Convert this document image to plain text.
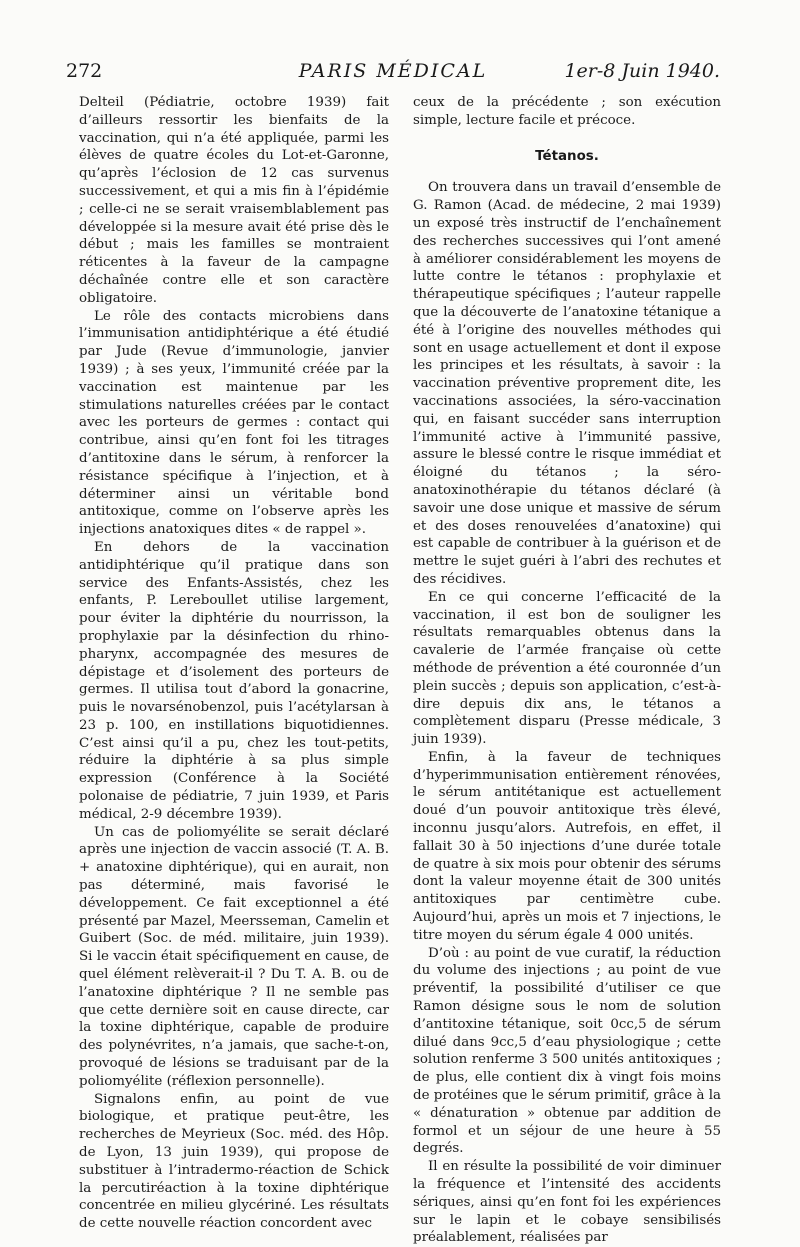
272	PARIS MÉDICAL	1er-8 Juin 1940.

Delteil (Pédiatrie, octobre 1939) fait d’ailleurs ressortir les bienfaits de la vaccination, qui n’a été appliquée, parmi les élèves de quatre écoles du Lot-et-Garonne, qu’après l’éclosion de 12 cas survenus successivement, et qui a mis fin à l’épidémie ; celle-ci ne se serait vraisemblablement pas développée si la mesure avait été prise dès le début ; mais les familles se montraient réticentes à la faveur de la campagne déchaînée contre elle et son caractère obligatoire.

Le rôle des contacts microbiens dans l’immunisation antidiphtérique a été étudié par Jude (Revue d’immunologie, janvier 1939) ; à ses yeux, l’immunité créée par la vaccination est maintenue par les stimulations naturelles créées par le contact avec les porteurs de germes : contact qui contribue, ainsi qu’en font foi les titrages d’antitoxine dans le sérum, à renforcer la résistance spécifique à l’injection, et à déterminer ainsi un véritable bond antitoxique, comme on l’observe après les injections anatoxiques dites « de rappel ».

En dehors de la vaccination antidiphtérique qu’il pratique dans son service des Enfants-Assistés, chez les enfants, P. Lereboullet utilise largement, pour éviter la diphtérie du nourrisson, la prophylaxie par la désinfection du rhino-pharynx, accompagnée des mesures de dépistage et d’isolement des porteurs de germes. Il utilisa tout d’abord la gonacrine, puis le novarsénobenzol, puis l’acétylarsan à 23 p. 100, en instillations biquotidiennes. C’est ainsi qu’il a pu, chez les tout-petits, réduire la diphtérie à sa plus simple expression (Conférence à la Société polonaise de pédiatrie, 7 juin 1939, et Paris médical, 2-9 décembre 1939).

Un cas de poliomyélite se serait déclaré après une injection de vaccin associé (T. A. B. + anatoxine diphtérique), qui en aurait, non pas déterminé, mais favorisé le développement. Ce fait exceptionnel a été présenté par Mazel, Meersseman, Camelin et Guibert (Soc. de méd. militaire, juin 1939). Si le vaccin était spécifiquement en cause, de quel élément relèverait-il ? Du T. A. B. ou de l’anatoxine diphtérique ? Il ne semble pas que cette dernière soit en cause directe, car la toxine diphtérique, capable de produire des polynévrites, n’a jamais, que sache-t-on, provoqué de lésions se traduisant par de la poliomyélite (réflexion personnelle).

Signalons enfin, au point de vue biologique, et pratique peut-être, les recherches de Meyrieux (Soc. méd. des Hôp. de Lyon, 13 juin 1939), qui propose de substituer à l’intradermo-réaction de Schick la percutiréaction à la toxine diphtérique concentrée en milieu glycériné. Les résultats de cette nouvelle réaction concordent avec

ceux de la précédente ; son exécution simple, lecture facile et précoce.

Tétanos.

On trouvera dans un travail d’ensemble de G. Ramon (Acad. de médecine, 2 mai 1939) un exposé très instructif de l’enchaînement des recherches successives qui l’ont amené à améliorer considérablement les moyens de lutte contre le tétanos : prophylaxie et thérapeutique spécifiques ; l’auteur rappelle que la découverte de l’anatoxine tétanique a été à l’origine des nouvelles méthodes qui sont en usage actuellement et dont il expose les principes et les résultats, à savoir : la vaccination préventive proprement dite, les vaccinations associées, la séro-vaccination qui, en faisant succéder sans interruption l’immunité active à l’immunité passive, assure le blessé contre le risque immédiat et éloigné du tétanos ; la séro-anatoxinothérapie du tétanos déclaré (à savoir une dose unique et massive de sérum et des doses renouvelées d’anatoxine) qui est capable de contribuer à la guérison et de mettre le sujet guéri à l’abri des rechutes et des récidives.

En ce qui concerne l’efficacité de la vaccination, il est bon de souligner les résultats remarquables obtenus dans la cavalerie de l’armée française où cette méthode de prévention a été couronnée d’un plein succès ; depuis son application, c’est-à-dire depuis dix ans, le tétanos a complètement disparu (Presse médicale, 3 juin 1939).

Enfin, à la faveur de techniques d’hyperimmunisation entièrement rénovées, le sérum antitétanique est actuellement doué d’un pouvoir antitoxique très élevé, inconnu jusqu’alors. Autrefois, en effet, il fallait 30 à 50 injections d’une durée totale de quatre à six mois pour obtenir des sérums dont la valeur moyenne était de 300 unités antitoxiques par centimètre cube. Aujourd’hui, après un mois et 7 injections, le titre moyen du sérum égale 4 000 unités.

D’où : au point de vue curatif, la réduction du volume des injections ; au point de vue préventif, la possibilité d’utiliser ce que Ramon désigne sous le nom de solution d’antitoxine tétanique, soit 0cc,5 de sérum dilué dans 9cc,5 d’eau physiologique ; cette solution renferme 3 500 unités antitoxiques ; de plus, elle contient dix à vingt fois moins de protéines que le sérum primitif, grâce à la « dénaturation » obtenue par addition de formol et un séjour de une heure à 55 degrés.

Il en résulte la possibilité de voir diminuer la fréquence et l’intensité des accidents sériques, ainsi qu’en font foi les expériences sur le lapin et le cobaye sensibilisés préalablement, réalisées par
